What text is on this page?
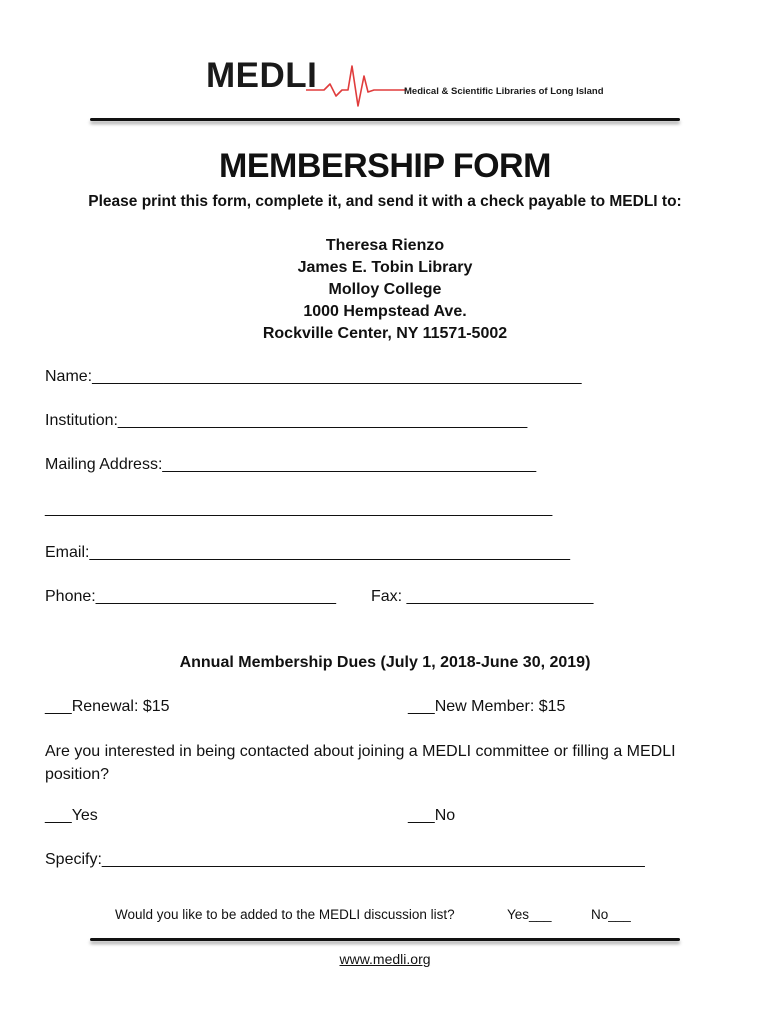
MEDLI	Medical & Scientific Libraries of Long Island
MEMBERSHIP FORM
Please print this form, complete it, and send it with a check payable to MEDLI to:
Theresa Rienzo
James E. Tobin Library
Molloy College
1000 Hempstead Ave.
Rockville Center, NY 11571-5002
Name:_______________________________________________________
Institution:______________________________________________
Mailing Address:__________________________________________
_________________________________________________________
Email:______________________________________________________
Phone:___________________________ Fax: _____________________
Annual Membership Dues (July 1, 2018-June 30, 2019)
___Renewal: $15	___New Member: $15
Are you interested in being contacted about joining a MEDLI committee or filling a MEDLI position?
___Yes	___No
Specify:_____________________________________________________________
Would you like to be added to the MEDLI discussion list?	Yes___	No___
www.medli.org
